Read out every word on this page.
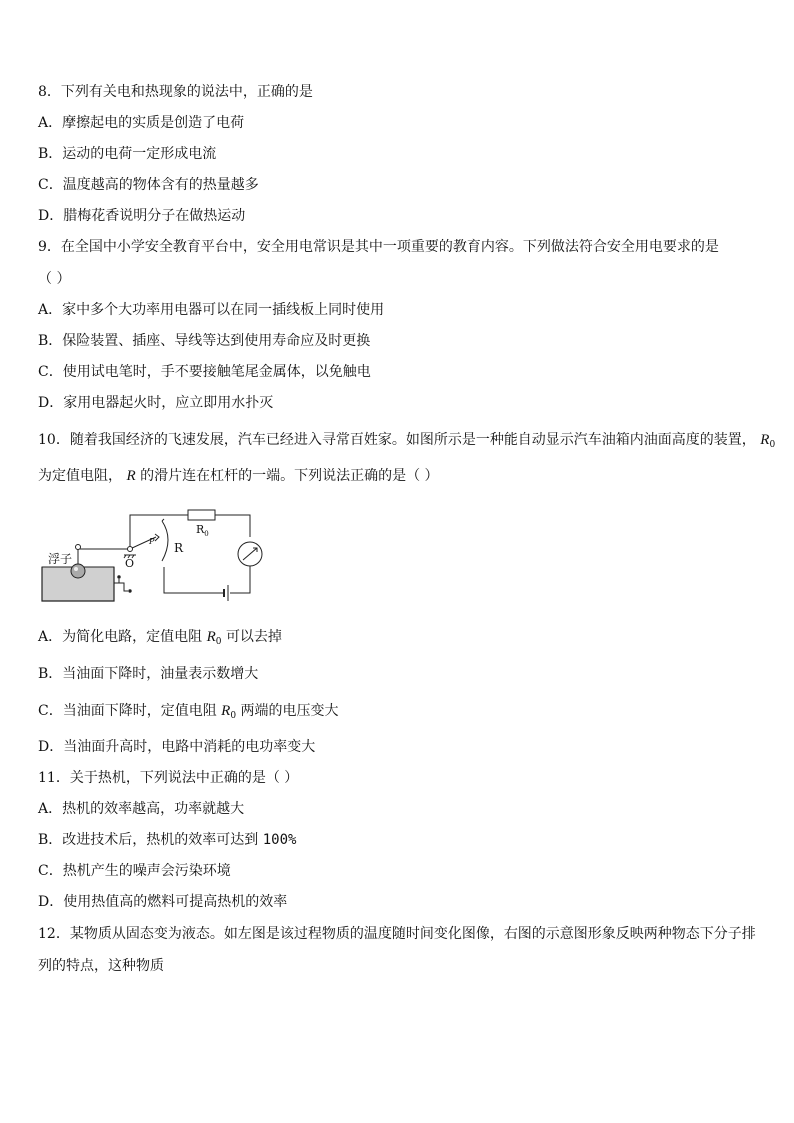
8．下列有关电和热现象的说法中，正确的是
A．摩擦起电的实质是创造了电荷
B．运动的电荷一定形成电流
C．温度越高的物体含有的热量越多
D．腊梅花香说明分子在做热运动
9．在全国中小学安全教育平台中，安全用电常识是其中一项重要的教育内容。下列做法符合安全用电要求的是
（ ）
A．家中多个大功率用电器可以在同一插线板上同时使用
B．保险装置、插座、导线等达到使用寿命应及时更换
C．使用试电笔时，手不要接触笔尾金属体，以免触电
D．家用电器起火时，应立即用水扑灭
10．随着我国经济的飞速发展，汽车已经进入寻常百姓家。如图所示是一种能自动显示汽车油箱内油面高度的装置， $R_0$
为定值电阻， R 的滑片连在杠杆的一端。下列说法正确的是（ ）
浮子
$R_0$
R
O
P
A．为简化电路，定值电阻 $R_0$ 可以去掉
B．当油面下降时，油量表示数增大
C．当油面下降时，定值电阻 $R_0$ 两端的电压变大
D．当油面升高时，电路中消耗的电功率变大
11．关于热机，下列说法中正确的是（ ）
A．热机的效率越高，功率就越大
B．改进技术后，热机的效率可达到 100%
C．热机产生的噪声会污染环境
D．使用热值高的燃料可提高热机的效率
12．某物质从固态变为液态。如左图是该过程物质的温度随时间变化图像，右图的示意图形象反映两种物态下分子排
列的特点，这种物质
